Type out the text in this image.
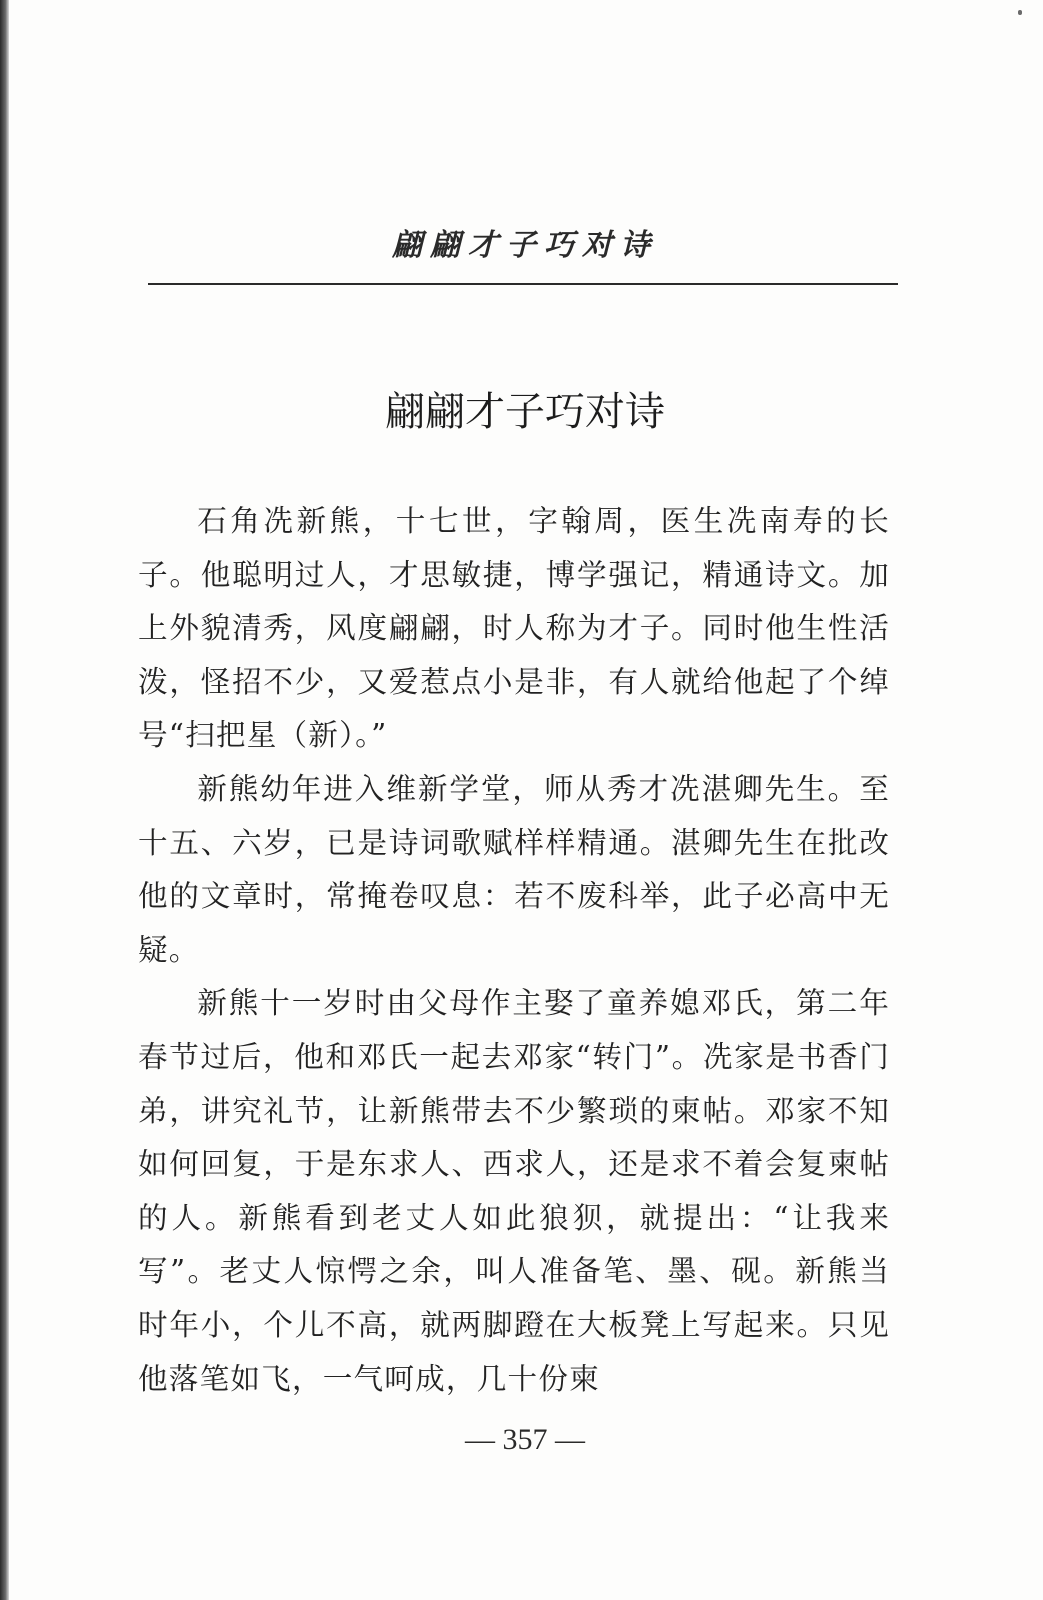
翩翩才子巧对诗
翩翩才子巧对诗

石角冼新熊，十七世，字翰周，医生冼南寿的长子。他聪明过人，才思敏捷，博学强记，精通诗文。加上外貌清秀，风度翩翩，时人称为才子。同时他生性活泼，怪招不少，又爱惹点小是非，有人就给他起了个绰号“扫把星（新）。”

新熊幼年进入维新学堂，师从秀才冼湛卿先生。至十五、六岁，已是诗词歌赋样样精通。湛卿先生在批改他的文章时，常掩卷叹息：若不废科举，此子必高中无疑。

新熊十一岁时由父母作主娶了童养媳邓氏，第二年春节过后，他和邓氏一起去邓家“转门”。冼家是书香门弟，讲究礼节，让新熊带去不少繁琐的柬帖。邓家不知如何回复，于是东求人、西求人，还是求不着会复柬帖的人。新熊看到老丈人如此狼狈，就提出：“让我来写”。老丈人惊愕之余，叫人准备笔、墨、砚。新熊当时年小，个儿不高，就两脚蹬在大板凳上写起来。只见他落笔如飞，一气呵成，几十份柬

— 357 —
